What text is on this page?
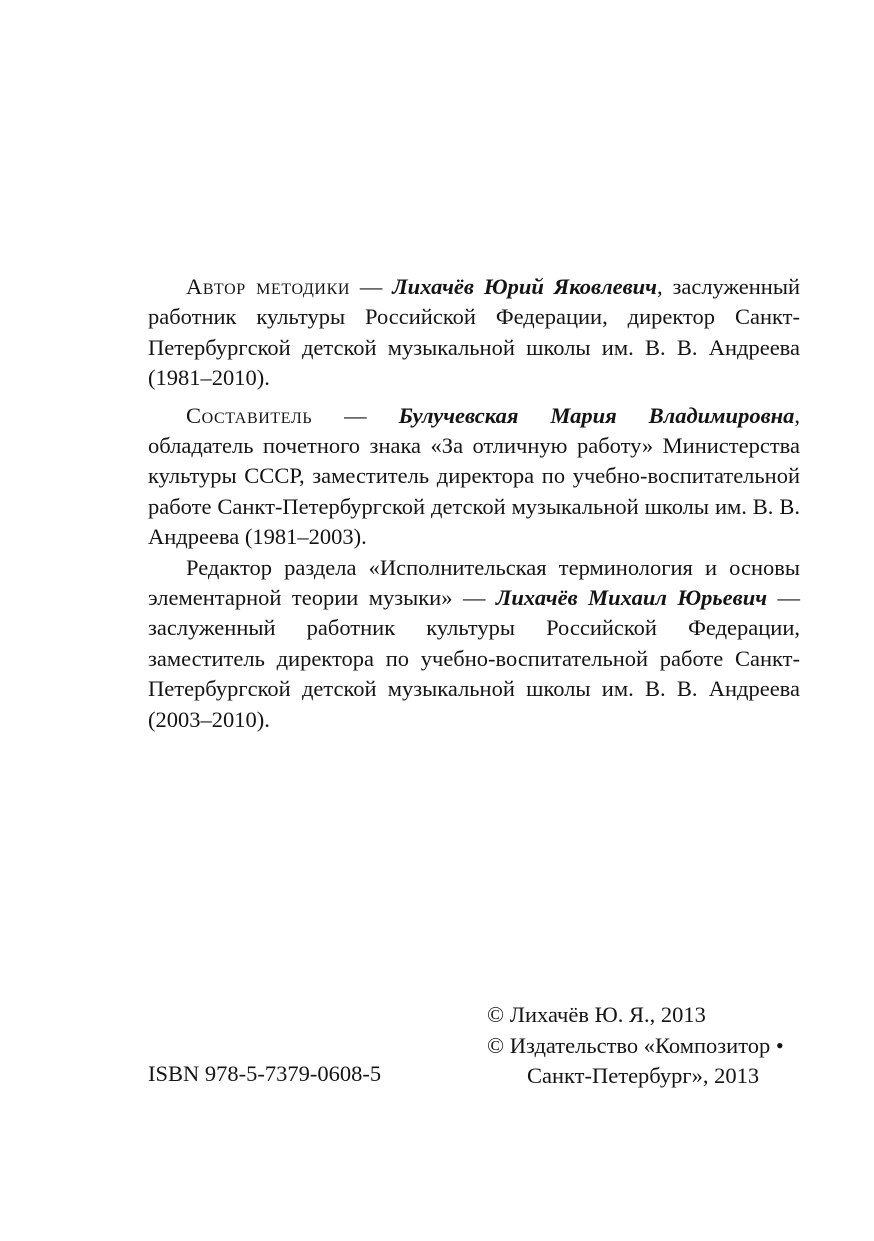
Автор методики — Лихачёв Юрий Яковлевич, заслуженный работник культуры Российской Федерации, директор Санкт-Петербургской детской музыкальной школы им. В. В. Андреева (1981–2010).

Составитель — Булучевская Мария Владимировна, обладатель почетного знака «За отличную работу» Министерства культуры СССР, заместитель директора по учебно-воспитательной работе Санкт-Петербургской детской музыкальной школы им. В. В. Андреева (1981–2003).

Редактор раздела «Исполнительская терминология и основы элементарной теории музыки» — Лихачёв Михаил Юрьевич — заслуженный работник культуры Российской Федерации, заместитель директора по учебно-воспитательной работе Санкт-Петербургской детской музыкальной школы им. В. В. Андреева (2003–2010).

© Лихачёв Ю. Я., 2013
© Издательство «Композитор •
Санкт-Петербург», 2013
ISBN 978-5-7379-0608-5
